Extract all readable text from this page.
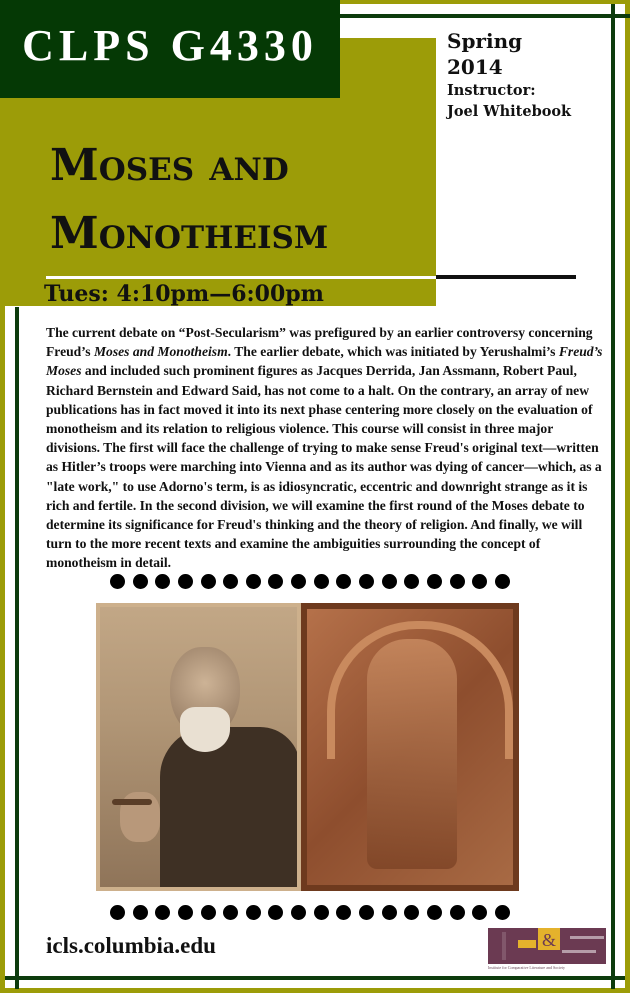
CLPS G4330
Moses and
Monotheism
Tues: 4:10pm—6:00pm
Spring
2014
Instructor:
Joel Whitebook
The current debate on “Post-Secularism” was prefigured by an earlier controversy concerning Freud’s Moses and Monotheism. The earlier debate, which was initiated by Yerushalmi’s Freud’s Moses and included such prominent figures as Jacques Derrida, Jan Assmann, Robert Paul, Richard Bernstein and Edward Said, has not come to a halt. On the contrary, an array of new publications has in fact moved it into its next phase centering more closely on the evaluation of monotheism and its relation to religious violence. This course will consist in three major divisions. The first will face the challenge of trying to make sense Freud's original text—written as Hitler’s troops were marching into Vienna and as its author was dying of cancer—which, as a "late work," to use Adorno's term, is as idiosyncratic, eccentric and downright strange as it is rich and fertile. In the second division, we will examine the first round of the Moses debate to determine its significance for Freud's thinking and the theory of religion. And finally, we will turn to the more recent texts and examine the ambiguities surrounding the concept of monotheism in detail.
icls.columbia.edu	&
Institute for Comparative Literature and Society
